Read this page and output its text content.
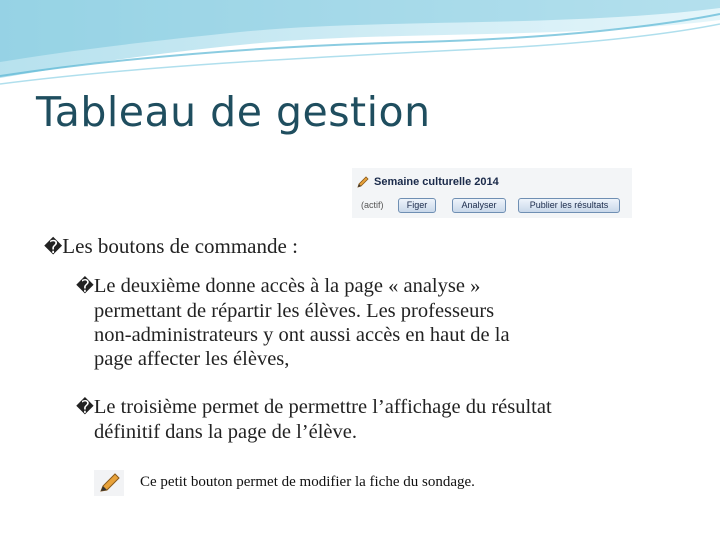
Tableau de gestion
Semaine culturelle 2014
(actif)	Figer	Analyser	Publier les résultats
�Les boutons de commande :
�Le deuxième donne accès à la page « analyse »
permettant de répartir les élèves. Les professeurs
non-administrateurs y ont aussi accès en haut de la
page affecter les élèves,
�Le troisième permet de permettre l’affichage du résultat
définitif dans la page de l’élève.
Ce petit bouton permet de modifier la fiche du sondage.
